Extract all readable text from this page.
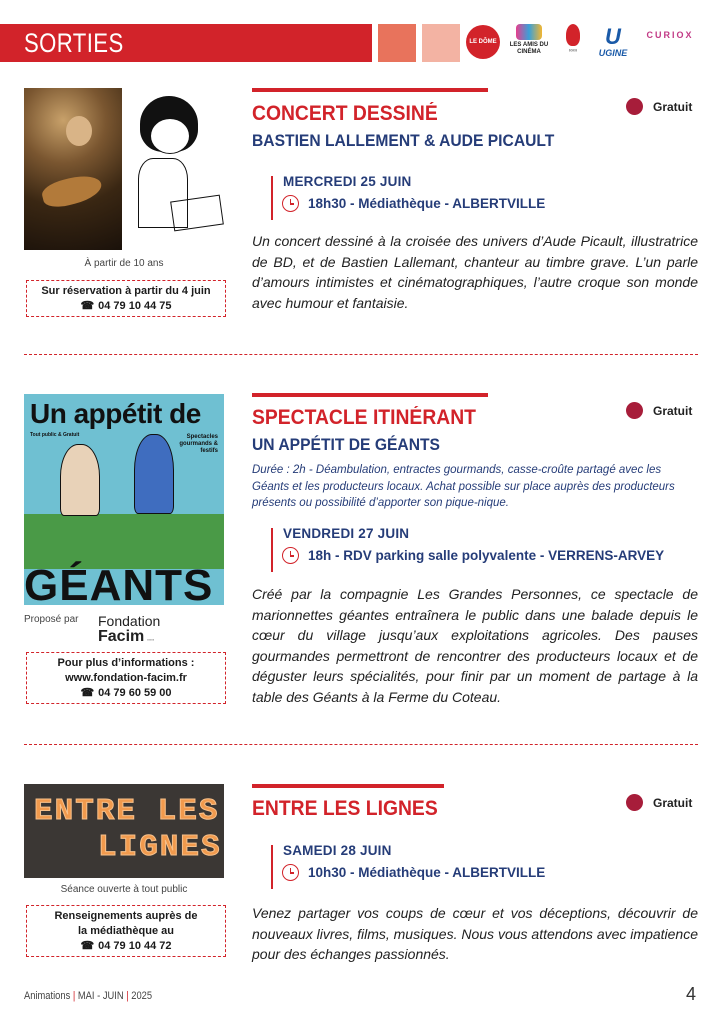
SORTIES	LE DÔME THÉÂTRE
LES AMIS DU CINÉMA	∞∞
U
UGINE
CURIOX
À partir de 10 ans
Sur réservation à partir du 4 juin
☎ 04 79 10 44 75
CONCERT DESSINÉ
BASTIEN LALLEMENT & AUDE PICAULT
Gratuit
MERCREDI 25 JUIN
18h30 - Médiathèque - ALBERTVILLE
Un concert dessiné à la croisée des univers d’Aude Picault, illustratrice de BD, et de Bastien Lallemant, chanteur au timbre grave. L’un parle d’amours intimistes et cinématographiques, l’autre croque son monde avec humour et fantaisie.
Un appétit de
Tout public & Gratuit	Spectacles gourmands & festifs
GÉANTS
Proposé par	Fondation
Facim ▪▪▪▪▪
Pour plus d’informations :
www.fondation-facim.fr
☎ 04 79 60 59 00
SPECTACLE ITINÉRANT
UN APPÉTIT DE GÉANTS
Gratuit
Durée : 2h - Déambulation, entractes gourmands, casse-croûte partagé avec les Géants et les producteurs locaux. Achat possible sur place auprès des producteurs présents ou possibilité d’apporter son pique-nique.
VENDREDI 27 JUIN
18h - RDV parking salle polyvalente - VERRENS-ARVEY
Créé par la compagnie Les Grandes Personnes, ce spectacle de marionnettes géantes entraînera le public dans une balade depuis le cœur du village jusqu’aux exploitations agricoles. Des pauses gourmandes permettront de rencontrer des producteurs locaux et de déguster leurs spécialités, pour finir par un moment de partage à la table des Géants à la Ferme du Coteau.
ENTRE LES
LIGNES
Séance ouverte à tout public
Renseignements auprès de
la médiathèque au
☎ 04 79 10 44 72
ENTRE LES LIGNES	Gratuit
SAMEDI 28 JUIN
10h30 - Médiathèque - ALBERTVILLE
Venez partager vos coups de cœur et vos déceptions, découvrir de nouveaux livres, films, musiques. Nous vous attendons avec impatience pour des échanges passionnés.
Animations | MAI - JUIN | 2025	4
